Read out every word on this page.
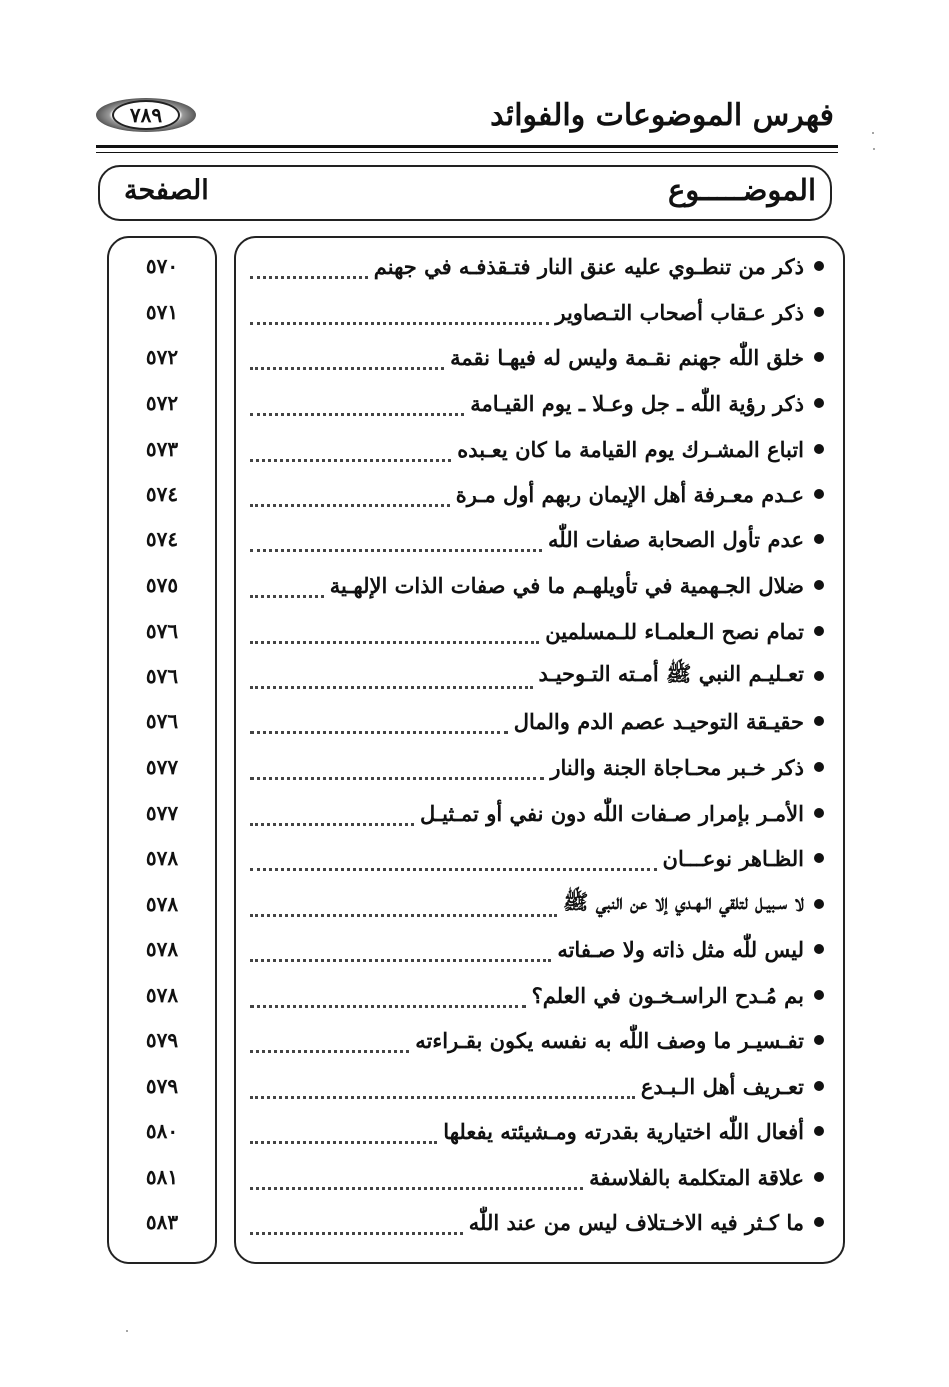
فهرس الموضوعات والفوائد
٧٨٩
الموضـــــوع
الصفحة
ذكر من تنطـوي عليه عنق النار فتـقذفـه في جهنم
٥٧٠
ذكر عـقاب أصحاب التـصاوير
٥٧١
خلق اللّٰه جهنم نقـمة وليس له فيهـا نقمة
٥٧٢
ذكر رؤية اللّٰه ـ جل وعـلا ـ يوم القيـامة
٥٧٢
اتباع المشـرك يوم القيامة ما كان يعـبده
٥٧٣
عـدم معـرفة أهل الإيمان ربهم أول مـرة
٥٧٤
عدم تأول الصحابة صفات اللّٰه
٥٧٤
ضلال الجـهمية في تأويلهـم ما في صفات الذات الإلهـية
٥٧٥
تمام نصح الـعلمـاء للـمسلمين
٥٧٦
تعـليـم النبي ﷺ أمـته التـوحيـد
٥٧٦
حقيـقة التوحيـد عصم الدم والمال
٥٧٦
ذكر خـبر محـاجاة الجنة والنار
٥٧٧
الأمـر بإمرار صـفات اللّٰه دون نفي أو تمـثيـل
٥٧٧
الظـاهر نوعـــان
٥٧٨
لا سـبيـل لتلقي الـهـدي إلا عن النبي ﷺ
٥٧٨
ليس للّٰه مثل ذاته ولا صـفاته
٥٧٨
بم مُـدح الراسـخـون في العلم؟
٥٧٨
تفـسيـر ما وصف اللّٰه به نفسه يكون بقـراءته
٥٧٩
تعـريف أهل الـبـدع
٥٧٩
أفعال اللّٰه اختيارية بقدرته ومـشيئته يفعلها
٥٨٠
علاقة المتكلمة بالفلاسفة
٥٨١
ما كـثر فيه الاخـتلاف ليس من عند اللّٰه
٥٨٣
